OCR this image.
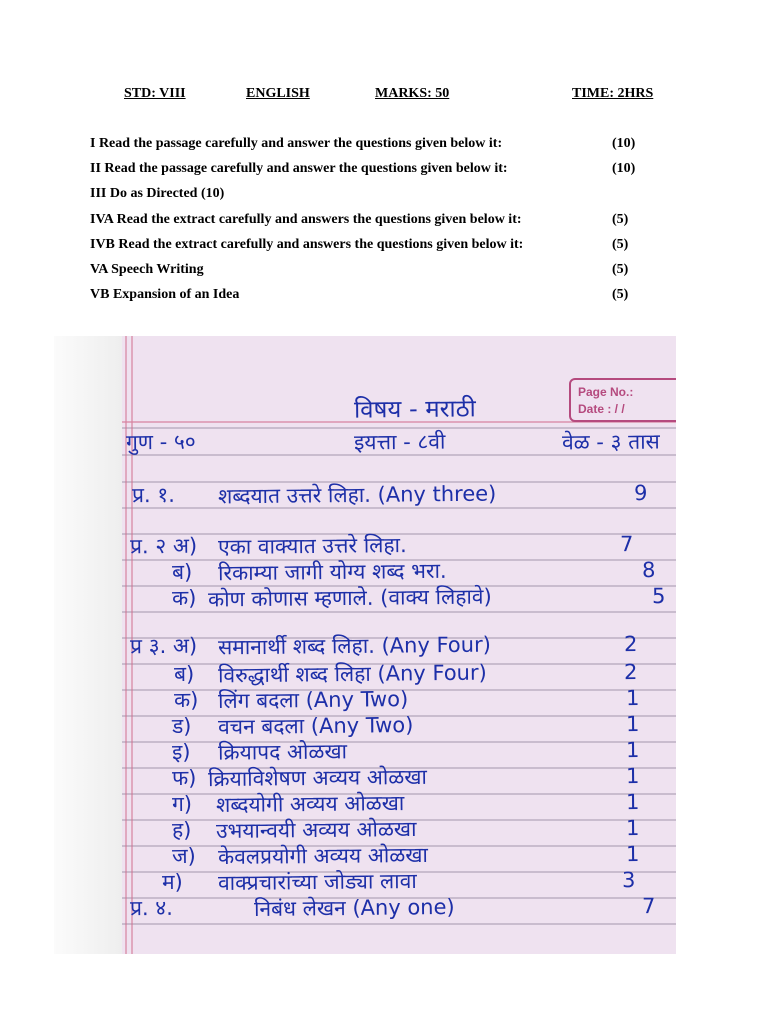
STD: VIII	ENGLISH	MARKS: 50	TIME: 2HRS
I Read the passage carefully and answer the questions given below it:	(10)
II Read the passage carefully and answer the questions given below it:	(10)
III Do as Directed (10)
IVA Read the extract carefully and answers the questions given below it:	(5)
IVB Read the extract carefully and answers the questions given below it:	(5)
VA Speech Writing	(5)
VB Expansion of an Idea	(5)
Page No.:
Date : / /
विषय - मराठी
गुण - ५०	इयत्ता - ८वी	वेळ - ३ तास
प्र. १. शब्दयात उत्तरे लिहा. (Any three)	9
प्र. २ अ) एका वाक्यात उत्तरे लिहा.	7
ब) रिकाम्या जागी योग्य शब्द भरा.	8
क) कोण कोणास म्हणाले. (वाक्य लिहावे)	5
प्र ३. अ) समानार्थी शब्द लिहा. (Any Four)	2
ब) विरुद्धार्थी शब्द लिहा (Any Four)	2
क) लिंग बदला (Any Two)	1
ड) वचन बदला (Any Two)	1
इ) क्रियापद ओळखा	1
फ) क्रियाविशेषण अव्यय ओळखा	1
ग) शब्दयोगी अव्यय ओळखा	1
ह) उभयान्वयी अव्यय ओळखा	1
ज) केवलप्रयोगी अव्यय ओळखा	1
म) वाक्प्रचारांच्या जोड्या लावा	3
प्र. ४.	निबंध लेखन (Any one)	7
